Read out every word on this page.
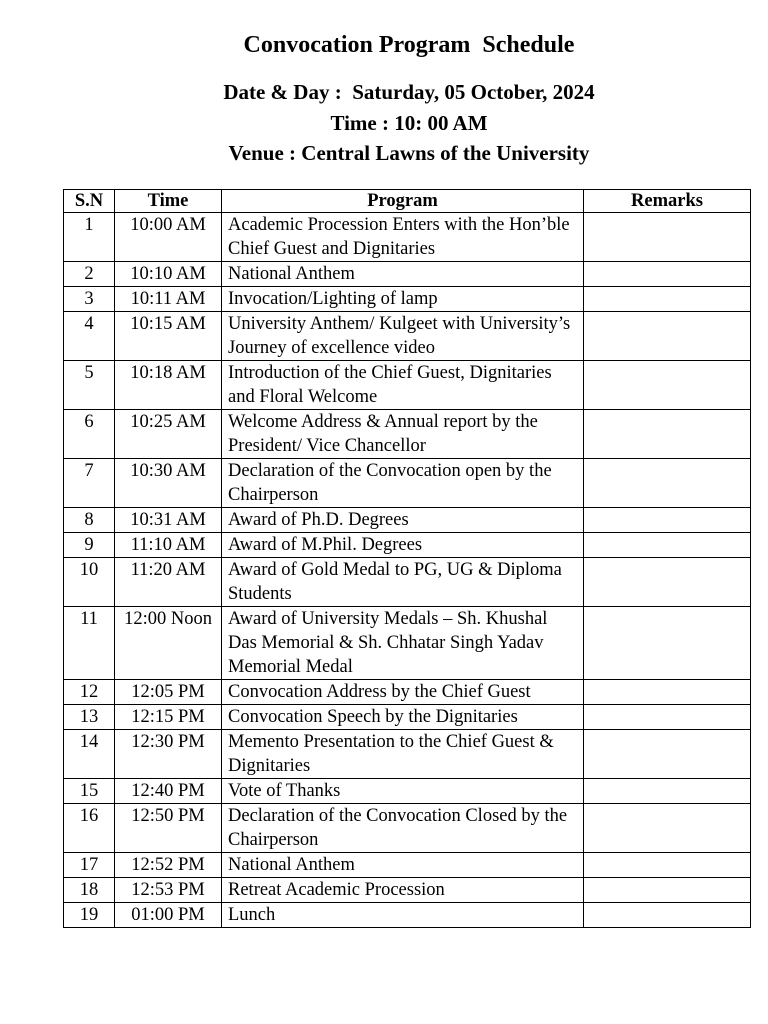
Convocation Program  Schedule
Date & Day :  Saturday, 05 October, 2024
Time : 10: 00 AM
Venue : Central Lawns of the University
S.N	Time	Program	Remarks
1	10:00 AM	Academic Procession Enters with the Hon’ble Chief Guest and Dignitaries	
2	10:10 AM	National Anthem	
3	10:11 AM	Invocation/Lighting of lamp	
4	10:15 AM	University Anthem/ Kulgeet with University’s Journey of excellence video	
5	10:18 AM	Introduction of the Chief Guest, Dignitaries and Floral Welcome	
6	10:25 AM	Welcome Address & Annual report by the President/ Vice Chancellor	
7	10:30 AM	Declaration of the Convocation open by the Chairperson	
8	10:31 AM	Award of Ph.D. Degrees	
9	11:10 AM	Award of M.Phil. Degrees	
10	11:20 AM	Award of Gold Medal to PG, UG & Diploma Students	
11	12:00 Noon	Award of University Medals – Sh. Khushal Das Memorial & Sh. Chhatar Singh Yadav Memorial Medal	
12	12:05 PM	Convocation Address by the Chief Guest	
13	12:15 PM	Convocation Speech by the Dignitaries	
14	12:30 PM	Memento Presentation to the Chief Guest & Dignitaries	
15	12:40 PM	Vote of Thanks	
16	12:50 PM	Declaration of the Convocation Closed by the Chairperson	
17	12:52 PM	National Anthem	
18	12:53 PM	Retreat Academic Procession	
19	01:00 PM	Lunch	
